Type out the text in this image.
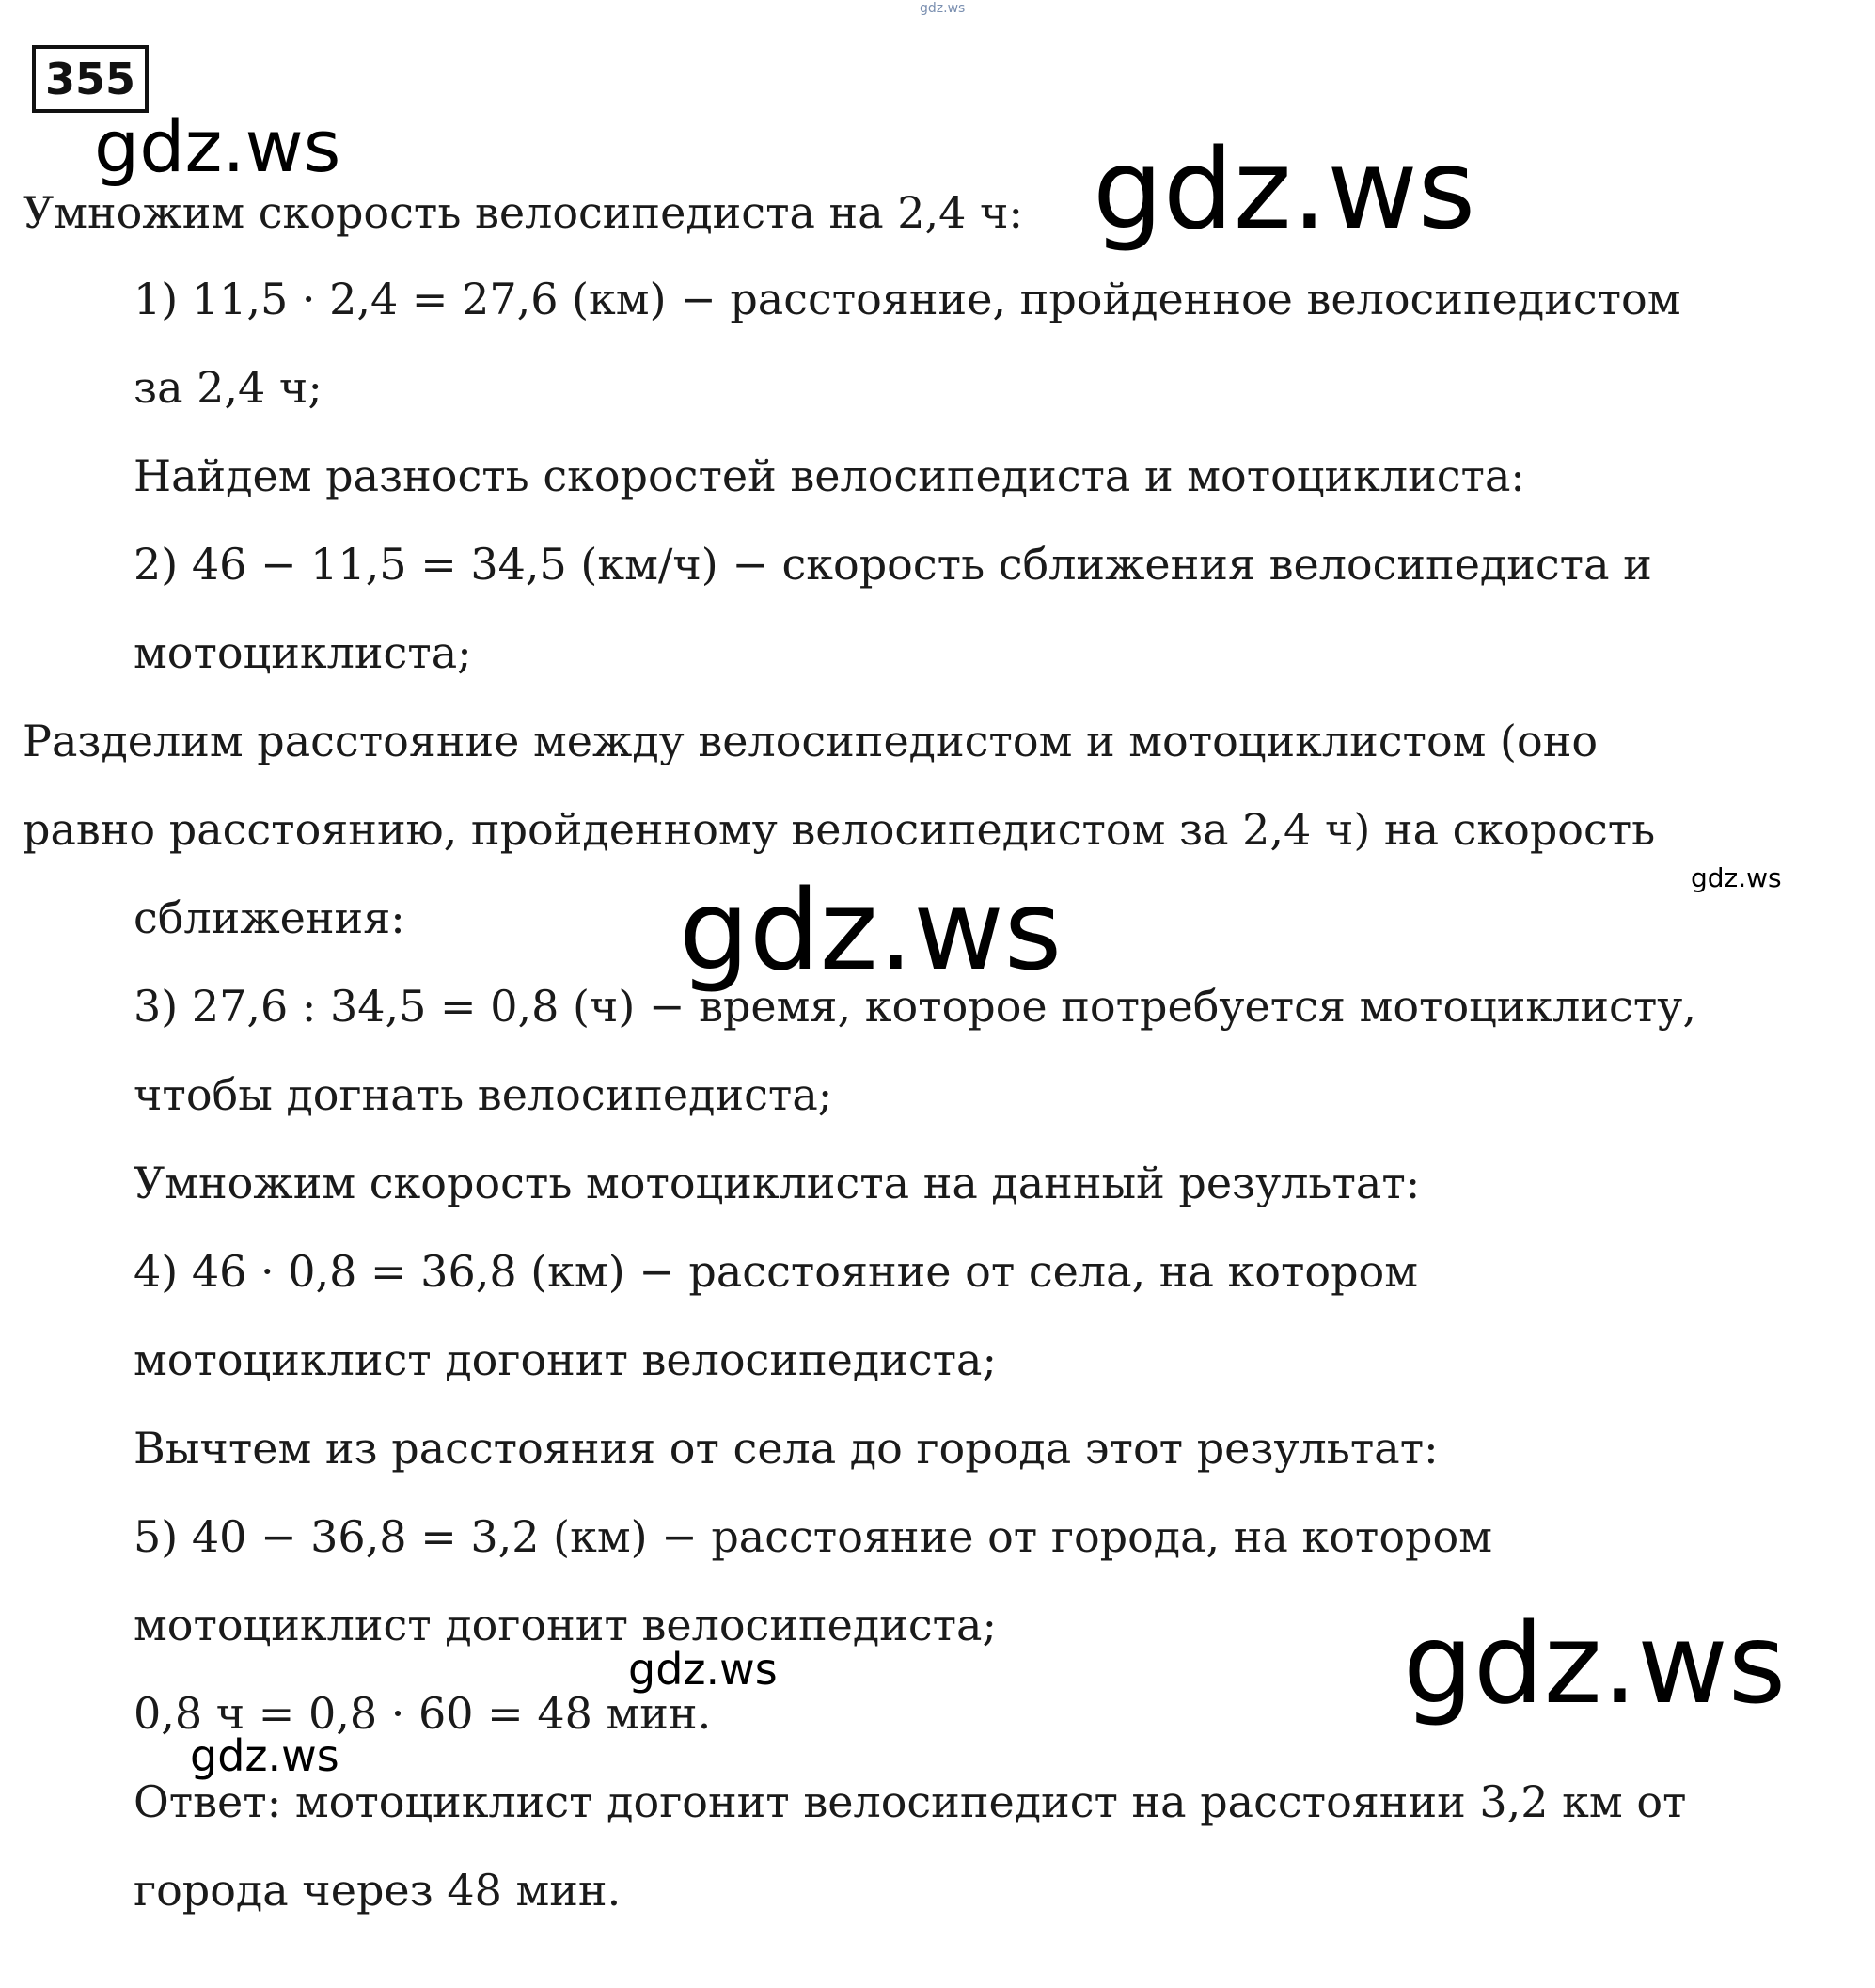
355
Умножим скорость велосипедиста на 2,4 ч:
1) 11,5 · 2,4 = 27,6 (км) − расстояние, пройденное велосипедистом
за 2,4 ч;
Найдем разность скоростей велосипедиста и мотоциклиста:
2) 46 − 11,5 = 34,5 (км/ч) − скорость сближения велосипедиста и
мотоциклиста;
Разделим расстояние между велосипедистом и мотоциклистом (оно
равно расстоянию, пройденному велосипедистом за 2,4 ч) на скорость
сближения:
3) 27,6 : 34,5 = 0,8 (ч) − время, которое потребуется мотоциклисту,
чтобы догнать велосипедиста;
Умножим скорость мотоциклиста на данный результат:
4) 46 · 0,8 = 36,8 (км) − расстояние от села, на котором
мотоциклист догонит велосипедиста;
Вычтем из расстояния от села до города этот результат:
5) 40 − 36,8 = 3,2 (км) − расстояние от города, на котором
мотоциклист догонит велосипедиста;
0,8 ч = 0,8 · 60 = 48 мин.
Ответ: мотоциклист догонит велосипедист на расстоянии 3,2 км от
города через 48 мин.
gdz.ws
gdz.ws	gdz.ws
gdz.ws
gdz.ws
gdz.ws
gdz.ws
gdz.ws
